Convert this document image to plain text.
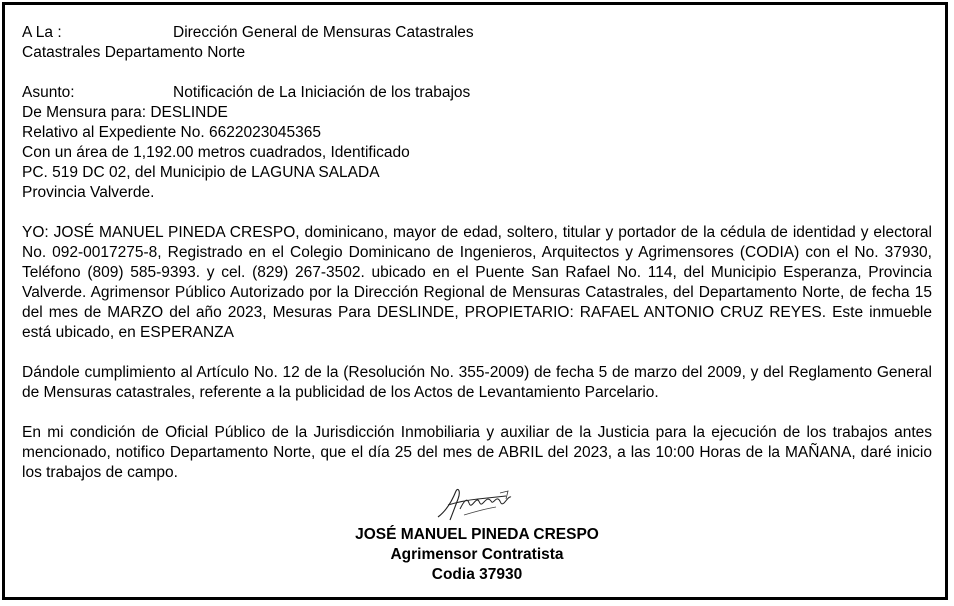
A La :	Dirección General de Mensuras Catastrales
Catastrales Departamento Norte
Asunto:	Notificación de La Iniciación de los trabajos
De Mensura para: DESLINDE
Relativo al Expediente No. 6622023045365
Con un área de 1,192.00 metros cuadrados, Identificado
PC. 519 DC 02, del Municipio de LAGUNA SALADA
Provincia Valverde.

YO: JOSÉ MANUEL PINEDA CRESPO, dominicano, mayor de edad, soltero, titular y portador de la cédula de identidad y electoral No. 092-0017275-8, Registrado en el Colegio Dominicano de Ingenieros, Arquitectos y Agrimensores (CODIA) con el No. 37930, Teléfono (809) 585-9393. y cel. (829) 267-3502. ubicado en el Puente San Rafael No. 114, del Municipio Esperanza, Provincia Valverde. Agrimensor Público Autorizado por la Dirección Regional de Mensuras Catastrales, del Departamento Norte, de fecha 15 del mes de MARZO del año 2023, Mesuras Para DESLINDE, PROPIETARIO: RAFAEL ANTONIO CRUZ REYES. Este inmueble está ubicado, en ESPERANZA

Dándole cumplimiento al Artículo No. 12 de la (Resolución No. 355-2009) de fecha 5 de marzo del 2009, y del Reglamento General de Mensuras catastrales, referente a la publicidad de los Actos de Levantamiento Parcelario.

En mi condición de Oficial Público de la Jurisdicción Inmobiliaria y auxiliar de la Justicia para la ejecución de los trabajos antes mencionado, notifico Departamento Norte, que el día 25 del mes de ABRIL del 2023, a las 10:00 Horas de la MAÑANA, daré inicio los trabajos de campo.

JOSÉ MANUEL PINEDA CRESPO
Agrimensor Contratista
Codia 37930
